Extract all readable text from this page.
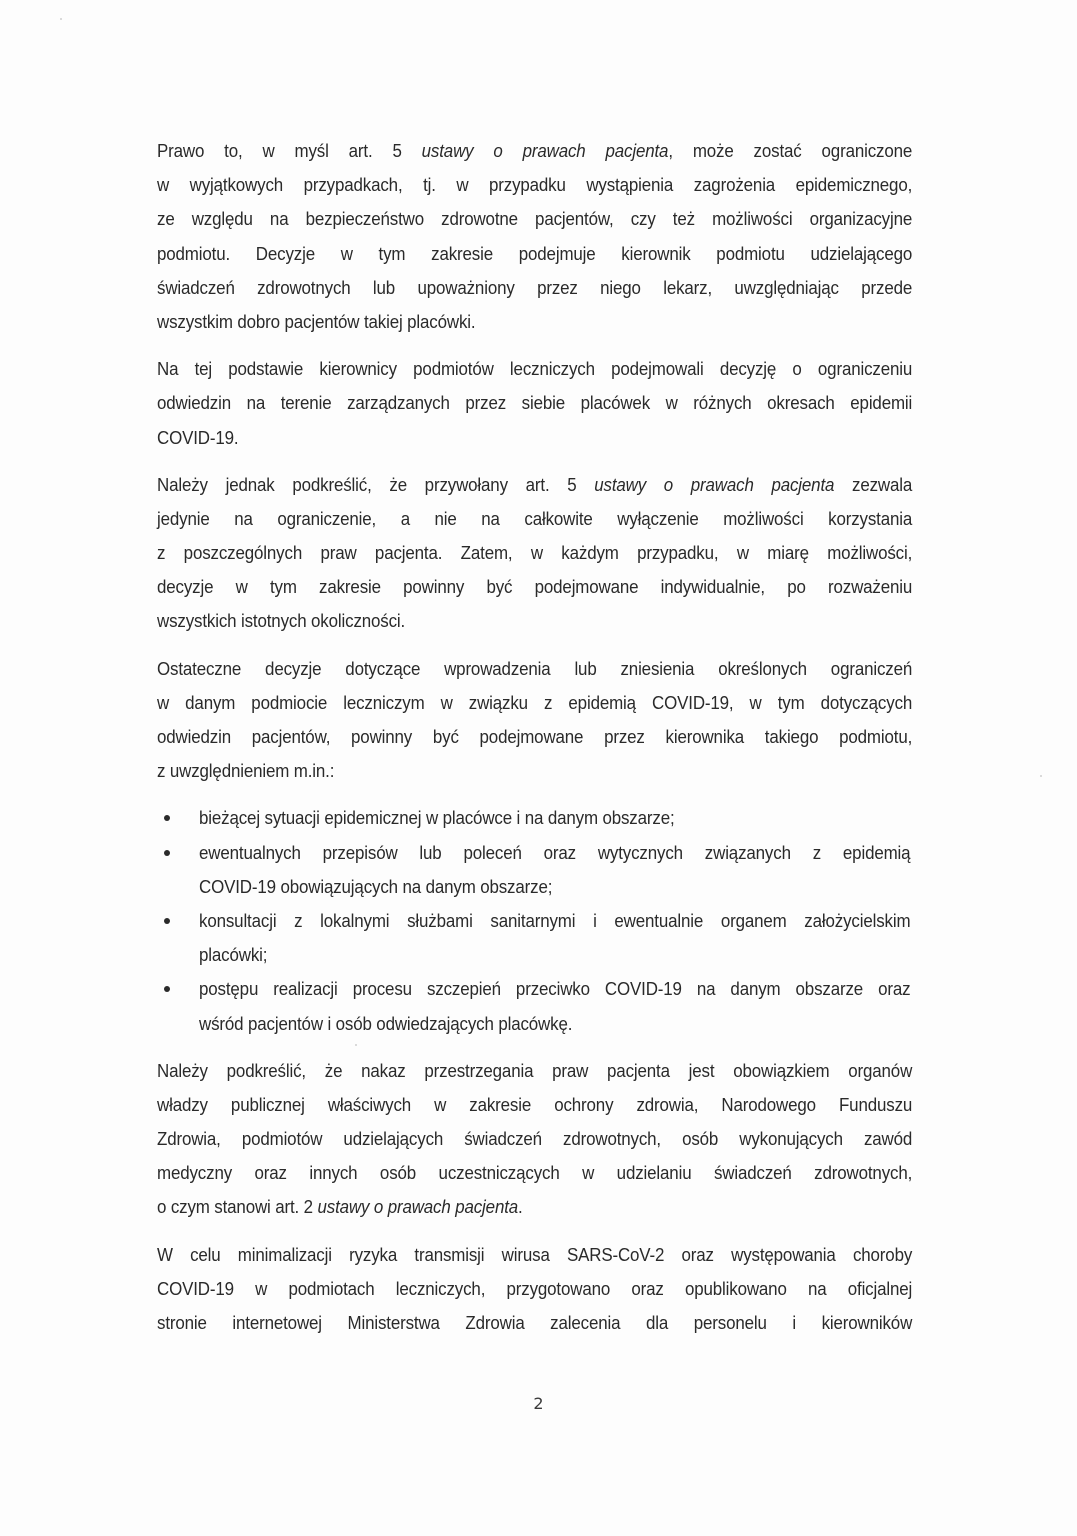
Prawo to, w myśl art. 5 ustawy o prawach pacjenta, może zostać ograniczone
w wyjątkowych przypadkach, tj. w przypadku wystąpienia zagrożenia epidemicznego,
ze względu na bezpieczeństwo zdrowotne pacjentów, czy też możliwości organizacyjne
podmiotu. Decyzje w tym zakresie podejmuje kierownik podmiotu udzielającego
świadczeń zdrowotnych lub upoważniony przez niego lekarz, uwzględniając przede
wszystkim dobro pacjentów takiej placówki.
Na tej podstawie kierownicy podmiotów leczniczych podejmowali decyzję o ograniczeniu
odwiedzin na terenie zarządzanych przez siebie placówek w różnych okresach epidemii
COVID-19.
Należy jednak podkreślić, że przywołany art. 5 ustawy o prawach pacjenta zezwala
jedynie na ograniczenie, a nie na całkowite wyłączenie możliwości korzystania
z poszczególnych praw pacjenta. Zatem, w każdym przypadku, w miarę możliwości,
decyzje w tym zakresie powinny być podejmowane indywidualnie, po rozważeniu
wszystkich istotnych okoliczności.
Ostateczne decyzje dotyczące wprowadzenia lub zniesienia określonych ograniczeń
w danym podmiocie leczniczym w związku z epidemią COVID-19, w tym dotyczących
odwiedzin pacjentów, powinny być podejmowane przez kierownika takiego podmiotu,
z uwzględnieniem m.in.:
bieżącej sytuacji epidemicznej w placówce i na danym obszarze;
ewentualnych przepisów lub poleceń oraz wytycznych związanych z epidemią
COVID-19 obowiązujących na danym obszarze;
konsultacji z lokalnymi służbami sanitarnymi i ewentualnie organem założycielskim
placówki;
postępu realizacji procesu szczepień przeciwko COVID-19 na danym obszarze oraz
wśród pacjentów i osób odwiedzających placówkę.
Należy podkreślić, że nakaz przestrzegania praw pacjenta jest obowiązkiem organów
władzy publicznej właściwych w zakresie ochrony zdrowia, Narodowego Funduszu
Zdrowia, podmiotów udzielających świadczeń zdrowotnych, osób wykonujących zawód
medyczny oraz innych osób uczestniczących w udzielaniu świadczeń zdrowotnych,
o czym stanowi art. 2 ustawy o prawach pacjenta.
W celu minimalizacji ryzyka transmisji wirusa SARS-CoV-2 oraz występowania choroby
COVID-19 w podmiotach leczniczych, przygotowano oraz opublikowano na oficjalnej
stronie internetowej Ministerstwa Zdrowia zalecenia dla personelu i kierowników
2
